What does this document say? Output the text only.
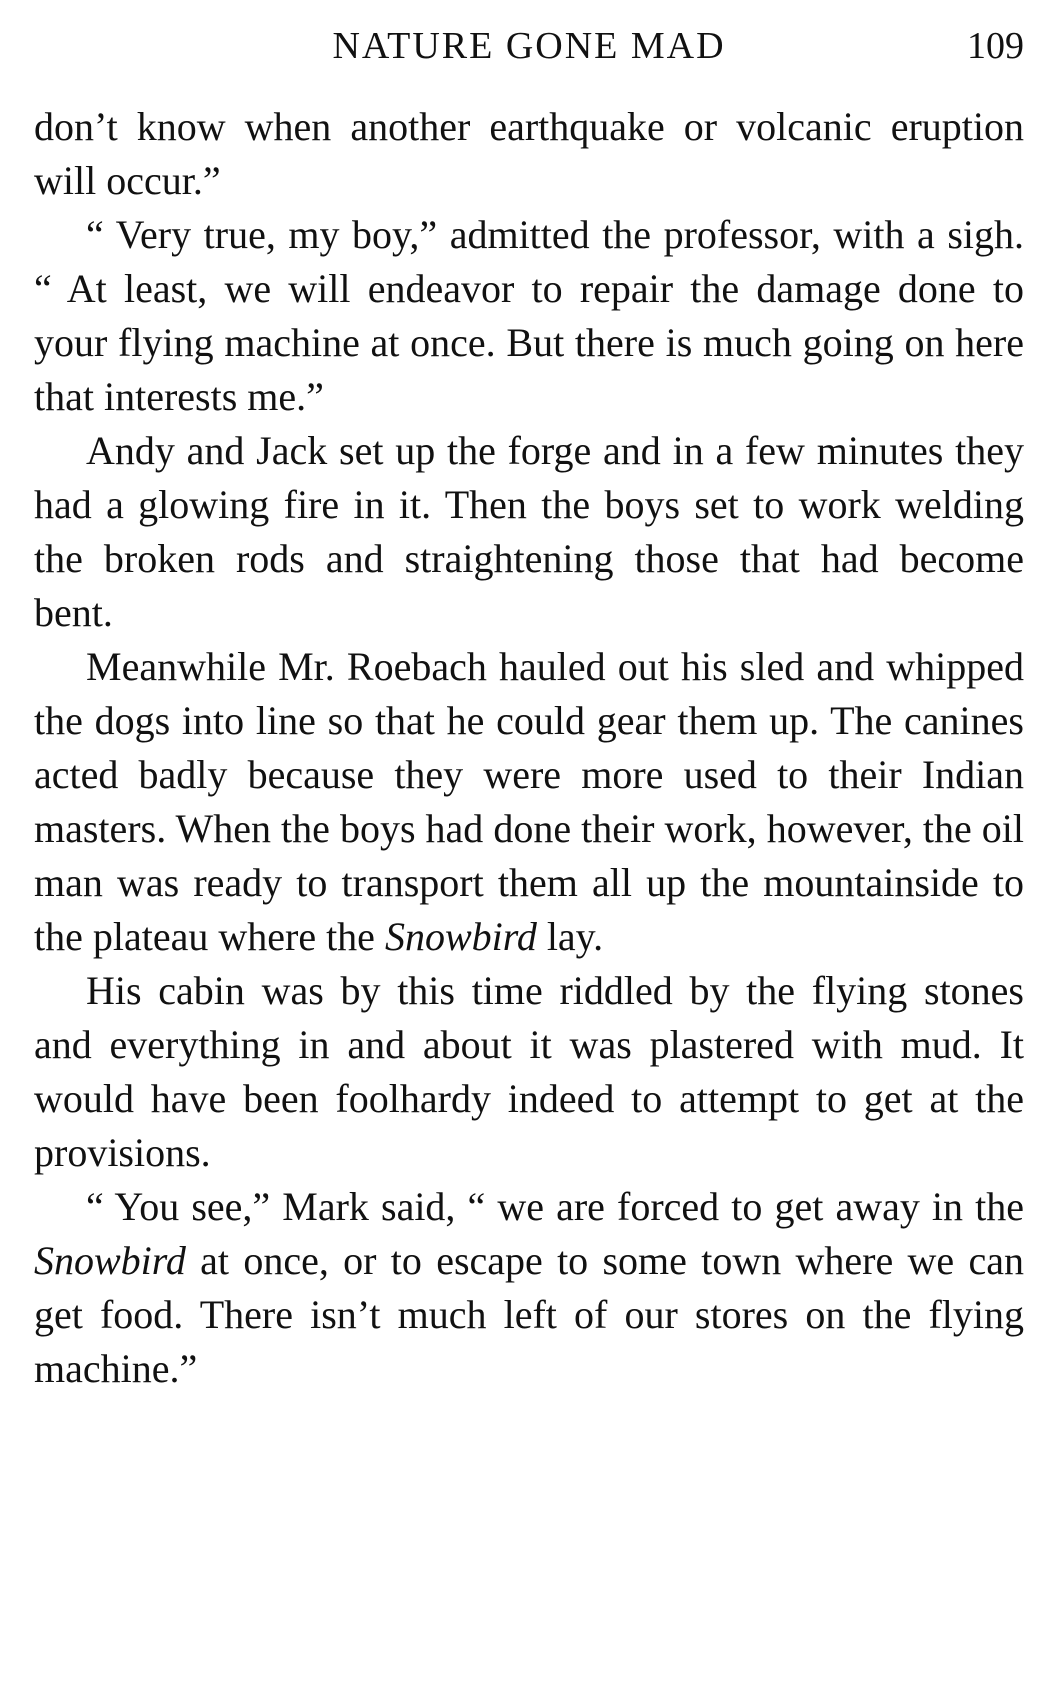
NATURE GONE MAD	109

don’t know when another earthquake or volcanic eruption will occur.”

“ Very true, my boy,” admitted the professor, with a sigh. “ At least, we will endeavor to repair the damage done to your flying machine at once. But there is much going on here that interests me.”

Andy and Jack set up the forge and in a few minutes they had a glowing fire in it. Then the boys set to work welding the broken rods and straightening those that had become bent.

Meanwhile Mr. Roebach hauled out his sled and whipped the dogs into line so that he could gear them up. The canines acted badly because they were more used to their Indian masters. When the boys had done their work, however, the oil man was ready to transport them all up the mountainside to the plateau where the Snowbird lay.

His cabin was by this time riddled by the flying stones and everything in and about it was plastered with mud. It would have been foolhardy indeed to attempt to get at the provisions.

“ You see,” Mark said, “ we are forced to get away in the Snowbird at once, or to escape to some town where we can get food. There isn’t much left of our stores on the flying machine.”
